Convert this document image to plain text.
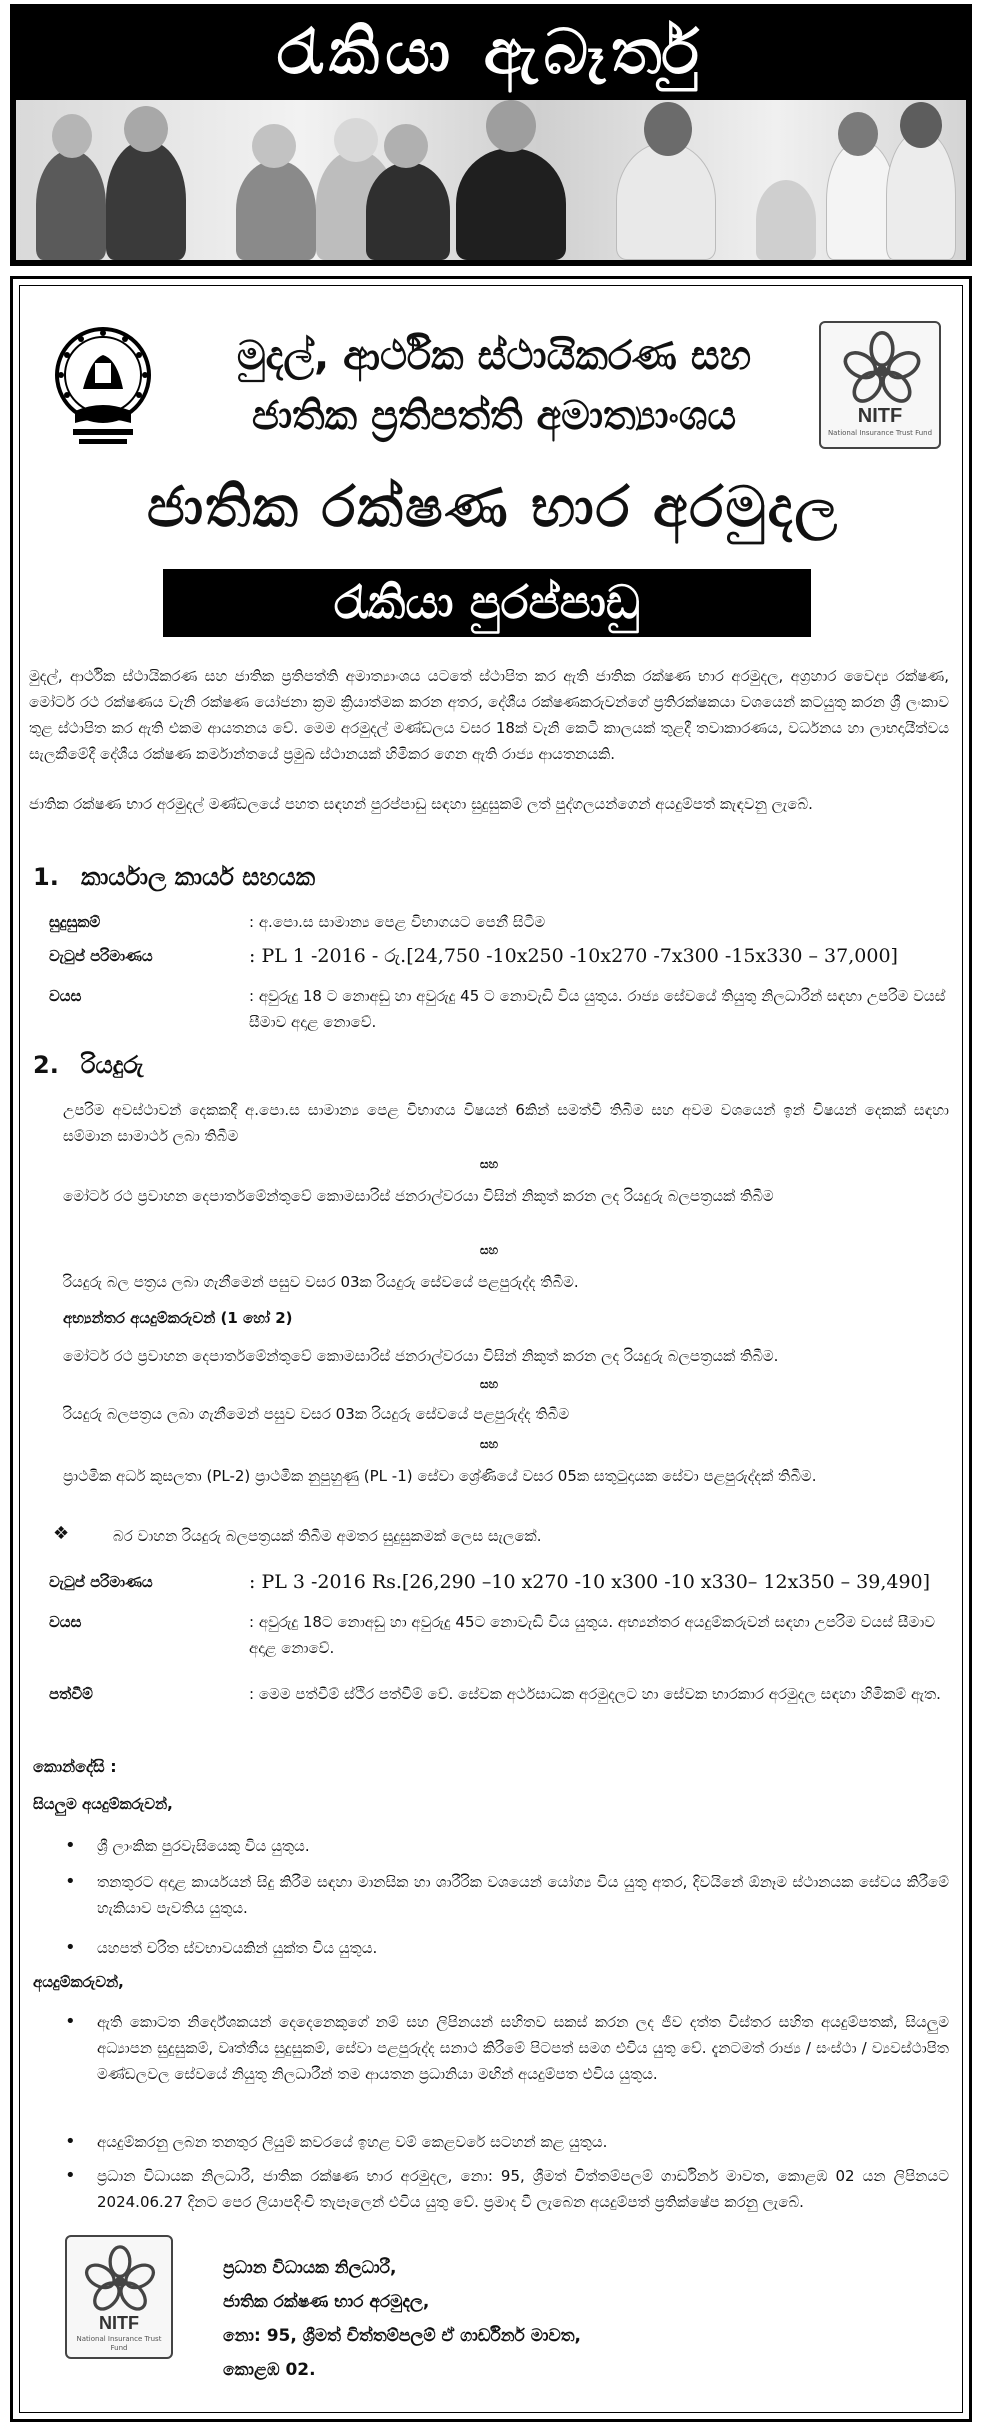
රැකියා ඇබෑර්තු
NITF
National Insurance Trust Fund
මුදල්, ආර්ථික ස්ථායිකරණ සහ
ජාතික ප්‍රතිපත්ති අමාත්‍යාංශය
ජාතික රක්ෂණ භාර අරමුදල
රැකියා පුරප්පාඩු
මුදල්, ආර්ථික ස්ථායිකරණ සහ ජාතික ප්‍රතිපත්ති අමාත්‍යාංශය යටතේ ස්ථාපිත කර ඇති ජාතික රක්ෂණ භාර අරමුදල, අග්‍රහාර වෛද්‍ය රක්ෂණ, මෝටර් රථ රක්ෂණය වැනි රක්ෂණ යෝජනා ක්‍රම ක්‍රියාත්මක කරන අතර, දේශීය රක්ෂණකරුවන්ගේ ප්‍රතිරක්ෂකයා වශයෙන් කටයුතු කරන ශ්‍රී ලංකාව තුළ ස්ථාපිත කර ඇති එකම ආයතනය වේ. මෙම අරමුදල් මණ්ඩලය වසර 18ක් වැනි කෙටි කාලයක් තුළදී තවාකාරණය, වර්ධනය හා ලාභදායීත්වය සැලකීමේදී දේශීය රක්ෂණ කර්මාන්තයේ ප්‍රමුඛ ස්ථානයක් හිමිකර ගෙන ඇති රාජ්‍ය ආයතනයකි.
ජාතික රක්ෂණ භාර අරමුදල් මණ්ඩලයේ පහත සඳහන් පුරප්පාඩු සඳහා සුදුසුකම් ලත් පුද්ගලයන්ගෙන් අයදුම්පත් කැඳවනු ලැබේ.
1. කාර්යාල කාර්ය සහයක
සුදුසුකම්	: අ.පො.ස සාමාන්‍ය පෙළ විභාගයට පෙනී සිටීම
වැටුප් පරිමාණය	: PL 1 -2016 - රු.[24,750 -10x250 -10x270 -7x300 -15x330 – 37,000]
වයස	: අවුරුදු 18 ට නොඅඩු හා අවුරුදු 45 ට නොවැඩි විය යුතුය. රාජ්‍ය සේවයේ තියුතු නිලධාරීන් සඳහා උපරිම වයස් සීමාව අදාළ නොවේ.
2. රියදුරු
උපරිම අවස්ථාවන් දෙකකදී අ.පො.ස සාමාන්‍ය පෙළ විභාගය විෂයන් 6කින් සමත්වී තිබීම සහ අවම වශයෙන් ඉන් විෂයන් දෙකක් සඳහා සම්මාන සාමාර්ථ ලබා තිබීම
සහ
මෝටර් රථ ප්‍රවාහන දෙපාර්තමේන්තුවේ කොමසාරිස් ජනරාල්වරයා විසින් නිකුත් කරන ලද රියදුරු බලපත්‍රයක් තිබීම
සහ
රියදුරු බල පත්‍රය ලබා ගැනීමෙන් පසුව වසර 03ක රියදුරු සේවයේ පළපුරුද්ද තිබීම.
අභ්‍යන්තර අයදුම්කරුවන් (1 හෝ 2)
මෝටර් රථ ප්‍රවාහන දෙපාර්තමේන්තුවේ කොමසාරිස් ජනරාල්වරයා විසින් නිකුත් කරන ලද රියදුරු බලපත්‍රයක් තිබීම.
සහ
රියදුරු බලපත්‍රය ලබා ගැනීමෙන් පසුව වසර 03ක රියදුරු සේවයේ පළපුරුද්ද තිබීම
සහ
ප්‍රාථමික අර්ධ කුසලතා (PL-2) ප්‍රාථමික නුපුහුණු (PL -1) සේවා ශ්‍රේණියේ වසර 05ක සතුටුදායක සේවා පළපුරුද්දක් තිබීම.
❖	බර වාහන රියදුරු බලපත්‍රයක් තිබීම අමතර සුදුසුකමක් ලෙස සැලකේ.
වැටුප් පරිමාණය	: PL 3 -2016 Rs.[26,290 –10 x270 -10 x300 -10 x330– 12x350 – 39,490]
වයස	: අවුරුදු 18ට නොඅඩු හා අවුරුදු 45ට නොවැඩි විය යුතුය. අභ්‍යන්තර අයදුම්කරුවන් සඳහා උපරිම වයස් සීමාව අදාළ නොවේ.
පත්වීම්	: මෙම පත්වීම් ස්ථිර පත්වීම් වේ. සේවක අර්ථසාධක අරමුදලට හා සේවක භාරකාර අරමුදල සඳහා හිමිකම් ඇත.
කොන්දේසි :
සියලුම අයදුම්කරුවන්,
• ශ්‍රී ලාංකික පුරවැසියෙකු විය යුතුය.
• තනතුරට අදාළ කාර්යයන් සිදු කිරීම සඳහා මානසික හා ශාරීරික වශයෙන් යෝග්‍ය විය යුතු අතර, දිවයිනේ ඕනෑම ස්ථානයක සේවය කිරීමේ හැකියාව පැවතිය යුතුය.
• යහපත් චරිත ස්වභාවයකින් යුක්ත විය යුතුය.
අයදුම්කරුවන්,
• ඇති කොටත නිර්දේශකයන් දෙදෙනෙකුගේ නම් සහ ලිපිනයන් සහිතව සකස් කරන ලද ජීව දත්ත විස්තර සහිත අයදුම්පතක්, සියලුම අධ්‍යාපන සුදුසුකම්, වෘත්තීය සුදුසුකම්, සේවා පළපුරුද්ද සනාථ කිරීමේ පිටපත් සමග එවිය යුතු වේ. දැනටමත් රාජ්‍ය / සංස්ථා / ව්‍යවස්ථාපිත මණ්ඩලවල සේවයේ නියුතු නිලධාරීන් තම ආයතන ප්‍රධානියා මඟින් අයදුම්පත එවිය යුතුය.
• අයදුම්කරනු ලබන තනතුර ලියුම් කවරයේ ඉහළ වම් කෙළවරේ සටහන් කළ යුතුය.
• ප්‍රධාන විධායක නිලධාරී, ජාතික රක්ෂණ භාර අරමුදල, නො: 95, ශ්‍රීමත් චිත්තම්පලම් ගාර්ඩිනර් මාවත, කොළඹ 02 යන ලිපිනයට 2024.06.27 දිනට පෙර ලියාපදිංචි තැපෑලෙන් එවිය යුතු වේ. ප්‍රමාද වී ලැබෙන අයදුම්පත් ප්‍රතික්ෂේප කරනු ලැබේ.
NITF
National Insurance Trust Fund
ප්‍රධාන විධායක නිලධාරී,
ජාතික රක්ෂණ භාර අරමුදල,
නො: 95, ශ්‍රීමත් චිත්තම්පලම් ඒ ගාර්ඩිනර් මාවත,
කොළඹ 02.
